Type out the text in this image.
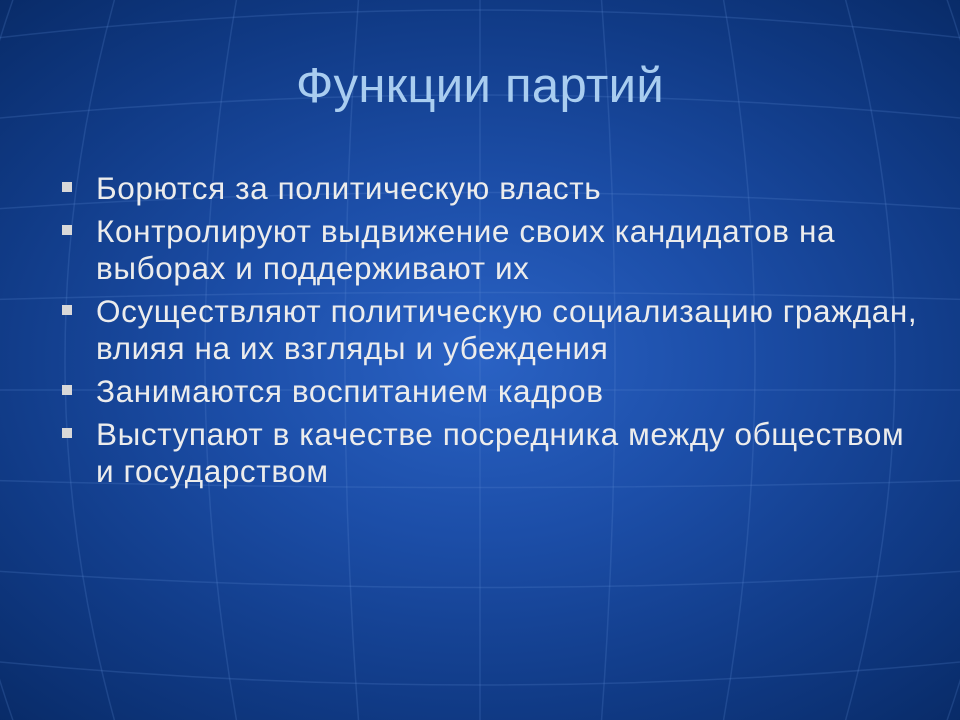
Функции партий
Борются за политическую власть
Контролируют выдвижение своих кандидатов на выборах и поддерживают их
Осуществляют политическую социализацию граждан, влияя на их взгляды и убеждения
Занимаются воспитанием кадров
Выступают в качестве посредника между обществом и государством
